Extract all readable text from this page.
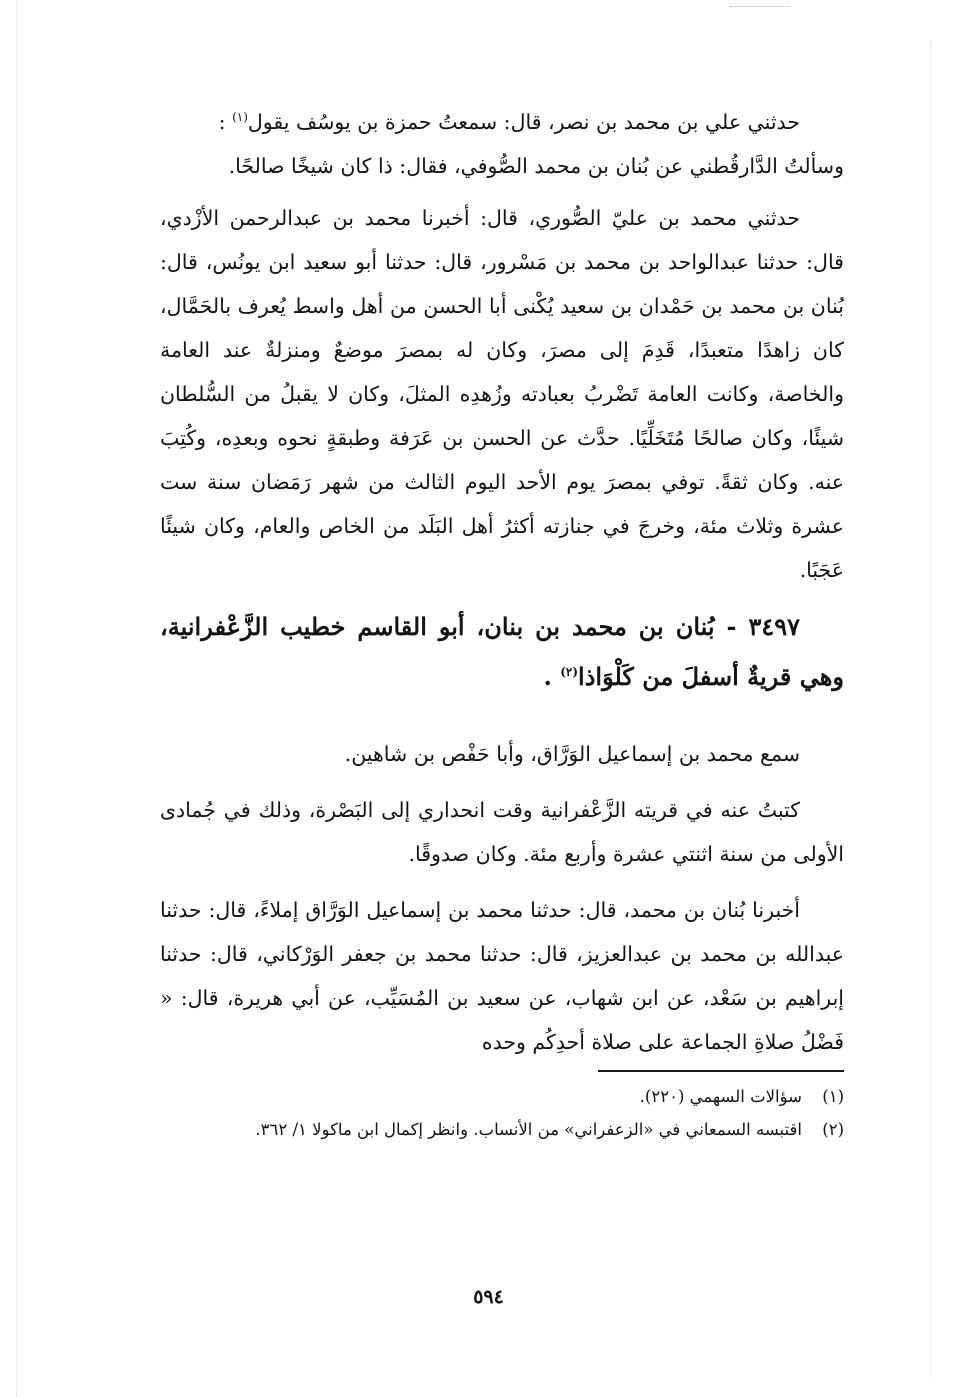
حدثني علي بن محمد بن نصر، قال: سمعتُ حمزة بن يوسُف يقول$^{(١)}$ :
وسألتُ الدَّارقُطني عن بُنان بن محمد الصُّوفي، فقال: ذا كان شيخًا صالحًا.

حدثني محمد بن عليّ الصُّوري، قال: أخبرنا محمد بن عبدالرحمن الأزْدي، قال: حدثنا عبدالواحد بن محمد بن مَسْرور، قال: حدثنا أبو سعيد ابن يونُس، قال: بُنان بن محمد بن حَمْدان بن سعيد يُكْنى أبا الحسن من أهل واسط يُعرف بالحَمَّال، كان زاهدًا متعبدًا، قَدِمَ إلى مصرَ، وكان له بمصرَ موضعٌ ومنزلةٌ عند العامة والخاصة، وكانت العامة تَضْربُ بعبادته وزُهدِه المثلَ، وكان لا يقبلُ من السُّلطان شيئًا، وكان صالحًا مُتَخَلِّيًا. حدَّث عن الحسن بن عَرَفة وطبقةٍ نحوه وبعدِه، وكُتِبَ عنه. وكان ثقةً. توفي بمصرَ يوم الأحد اليوم الثالث من شهر رَمَضان سنة ست عشرة وثلاث مئة، وخرجَ في جنازته أكثرُ أهل البَلَد من الخاص والعام، وكان شيئًا عَجَبًا.

٣٤٩٧ - بُنان بن محمد بن بنان، أبو القاسم خطيب الزَّعْفرانية، وهي قريةٌ أسفلَ من كَلْوَاذا$^{(٢)}$ .

سمع محمد بن إسماعيل الوَرَّاق، وأبا حَفْص بن شاهين.

كتبتُ عنه في قريته الزَّعْفرانية وقت انحداري إلى البَصْرة، وذلك في جُمادى الأولى من سنة اثنتي عشرة وأربع مئة. وكان صدوقًا.

أخبرنا بُنان بن محمد، قال: حدثنا محمد بن إسماعيل الوَرَّاق إملاءً، قال: حدثنا عبدالله بن محمد بن عبدالعزيز، قال: حدثنا محمد بن جعفر الوَرْكاني، قال: حدثنا إبراهيم بن سَعْد، عن ابن شهاب، عن سعيد بن المُسَيِّب، عن أبي هريرة، قال: « فَضْلُ صلاةِ الجماعة على صلاة أحدِكُم وحده

(١)سؤالات السهمي (٢٢٠).

(٢)اقتبسه السمعاني في «الزعفراني» من الأنساب. وانظر إكمال ابن ماكولا ١/ ٣٦٢.

٥٩٤
